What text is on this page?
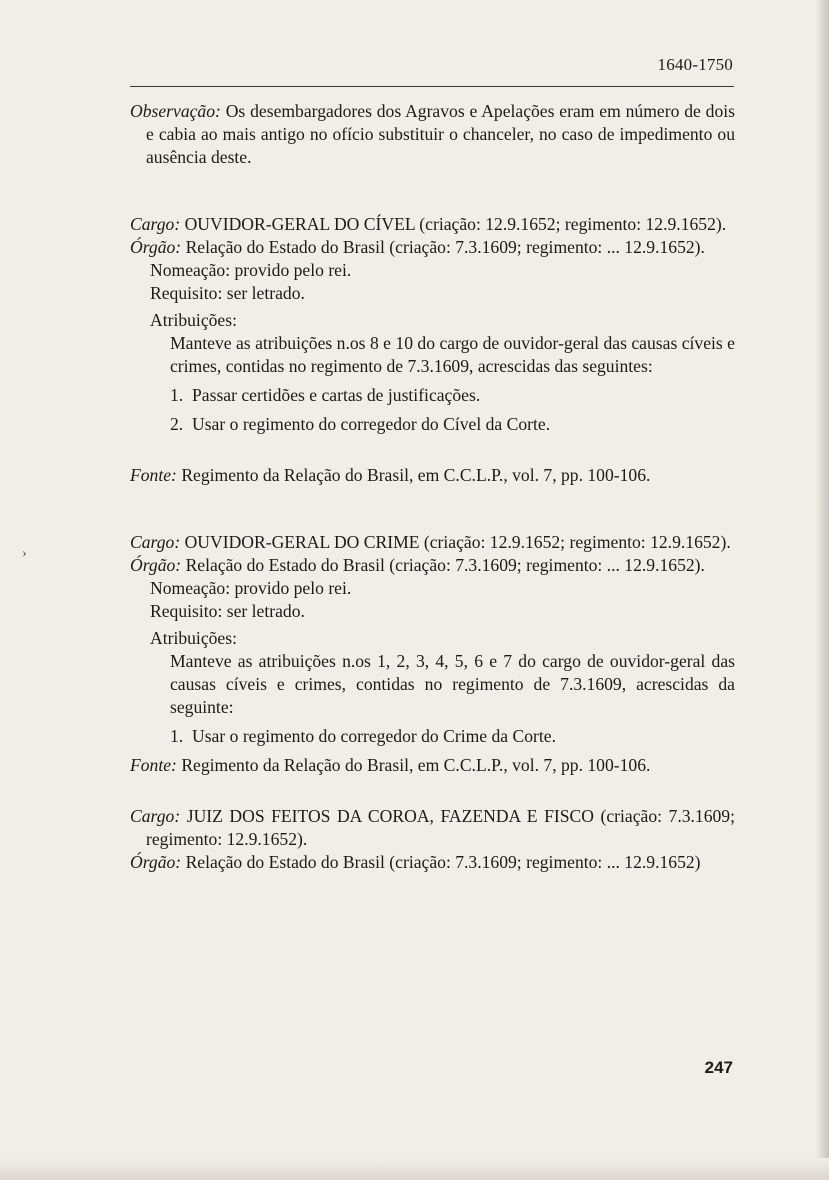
›
1640-1750
Observação: Os desembargadores dos Agravos e Apelações eram em número de dois e cabia ao mais antigo no ofício substituir o chanceler, no caso de impedimento ou ausência deste.
Cargo: OUVIDOR-GERAL DO CÍVEL (criação: 12.9.1652; regimento: 12.9.1652).
Órgão: Relação do Estado do Brasil (criação: 7.3.1609; regimento: ... 12.9.1652).
Nomeação: provido pelo rei.
Requisito: ser letrado.
Atribuições:
Manteve as atribuições n.os 8 e 10 do cargo de ouvidor-geral das causas cíveis e crimes, contidas no regimento de 7.3.1609, acrescidas das seguintes:
1. Passar certidões e cartas de justificações.
2. Usar o regimento do corregedor do Cível da Corte.
Fonte: Regimento da Relação do Brasil, em C.C.L.P., vol. 7, pp. 100-106.
Cargo: OUVIDOR-GERAL DO CRIME (criação: 12.9.1652; regimento: 12.9.1652).
Órgão: Relação do Estado do Brasil (criação: 7.3.1609; regimento: ... 12.9.1652).
Nomeação: provido pelo rei.
Requisito: ser letrado.
Atribuições:
Manteve as atribuições n.os 1, 2, 3, 4, 5, 6 e 7 do cargo de ouvidor-geral das causas cíveis e crimes, contidas no regimento de 7.3.1609, acrescidas da seguinte:
1. Usar o regimento do corregedor do Crime da Corte.
Fonte: Regimento da Relação do Brasil, em C.C.L.P., vol. 7, pp. 100-106.
Cargo: JUIZ DOS FEITOS DA COROA, FAZENDA E FISCO (criação: 7.3.1609; regimento: 12.9.1652).
Órgão: Relação do Estado do Brasil (criação: 7.3.1609; regimento: ... 12.9.1652)
247
